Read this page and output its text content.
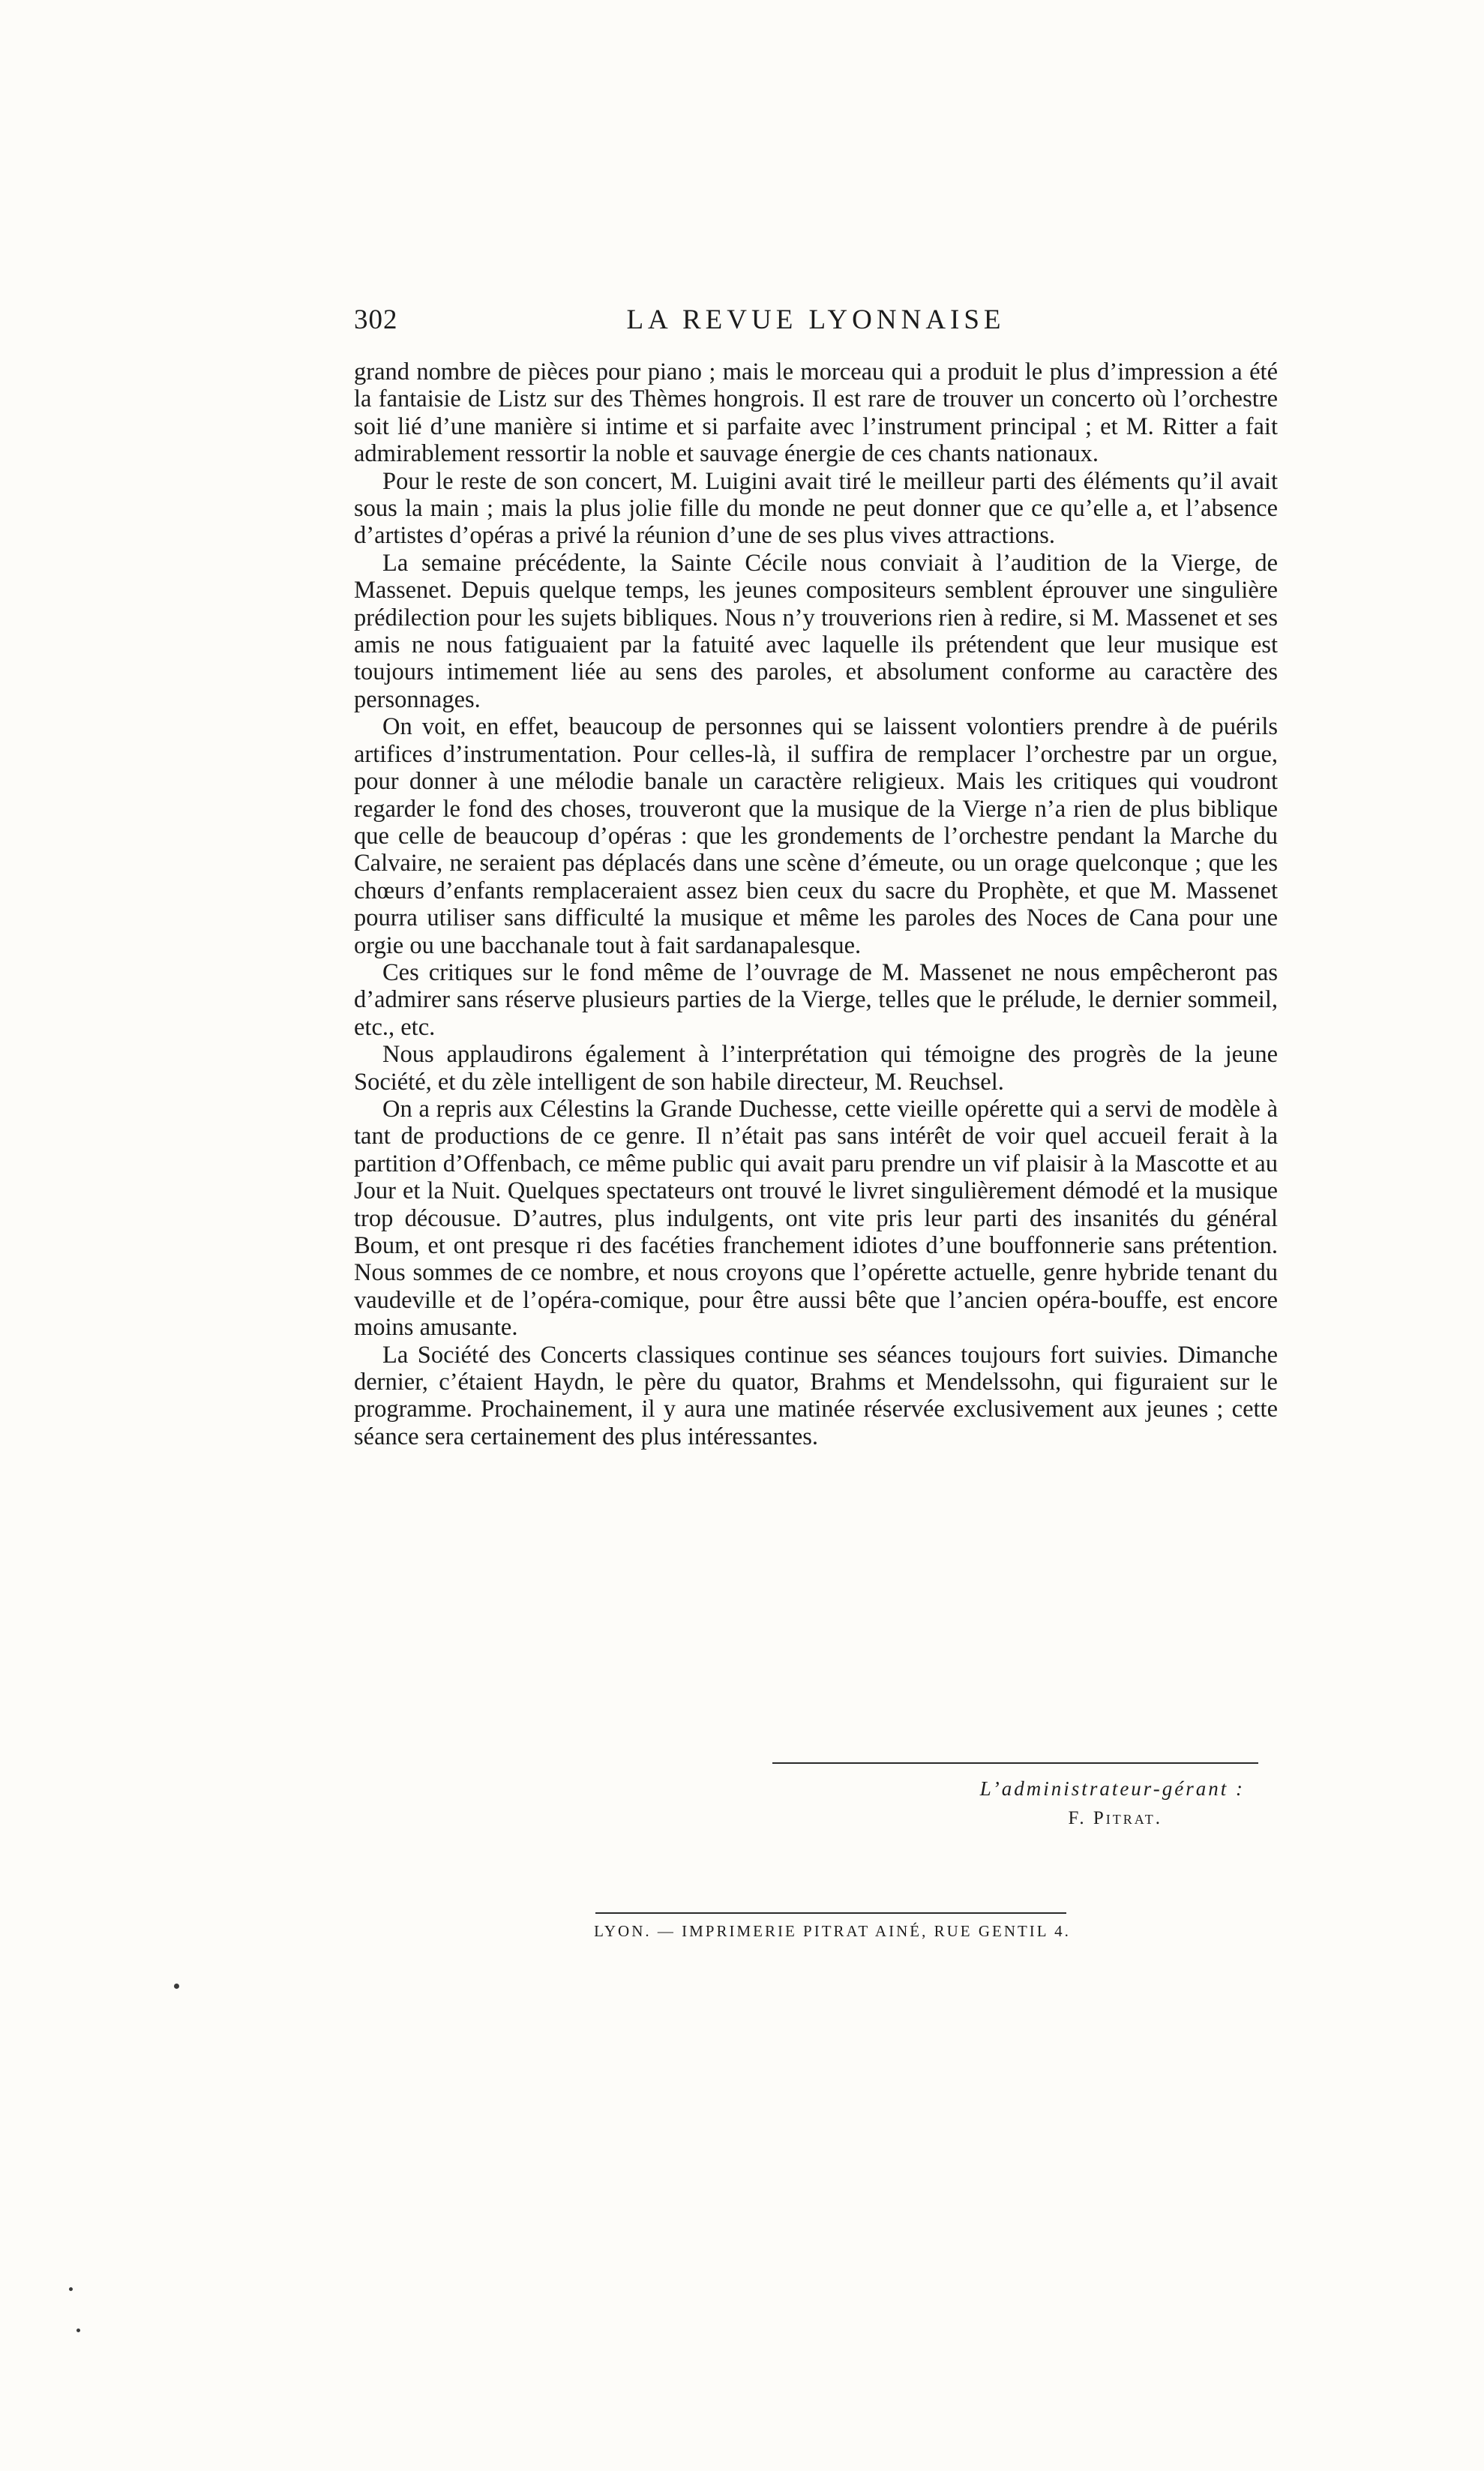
302	LA REVUE LYONNAISE

grand nombre de pièces pour piano ; mais le morceau qui a produit le plus d’impression a été la fantaisie de Listz sur des Thèmes hongrois. Il est rare de trouver un concerto où l’orchestre soit lié d’une manière si intime et si parfaite avec l’instrument principal ; et M. Ritter a fait admirablement ressortir la noble et sauvage énergie de ces chants nationaux.

Pour le reste de son concert, M. Luigini avait tiré le meilleur parti des éléments qu’il avait sous la main ; mais la plus jolie fille du monde ne peut donner que ce qu’elle a, et l’absence d’artistes d’opéras a privé la réunion d’une de ses plus vives attractions.

La semaine précédente, la Sainte Cécile nous conviait à l’audition de la Vierge, de Massenet. Depuis quelque temps, les jeunes compositeurs semblent éprouver une singulière prédilection pour les sujets bibliques. Nous n’y trouverions rien à redire, si M. Massenet et ses amis ne nous fatiguaient par la fatuité avec laquelle ils prétendent que leur musique est toujours intimement liée au sens des paroles, et absolument conforme au caractère des personnages.

On voit, en effet, beaucoup de personnes qui se laissent volontiers prendre à de puérils artifices d’instrumentation. Pour celles-là, il suffira de remplacer l’orchestre par un orgue, pour donner à une mélodie banale un caractère religieux. Mais les critiques qui voudront regarder le fond des choses, trouveront que la musique de la Vierge n’a rien de plus biblique que celle de beaucoup d’opéras : que les grondements de l’orchestre pendant la Marche du Calvaire, ne seraient pas déplacés dans une scène d’émeute, ou un orage quelconque ; que les chœurs d’enfants remplaceraient assez bien ceux du sacre du Prophète, et que M. Massenet pourra utiliser sans difficulté la musique et même les paroles des Noces de Cana pour une orgie ou une bacchanale tout à fait sardanapalesque.

Ces critiques sur le fond même de l’ouvrage de M. Massenet ne nous empêcheront pas d’admirer sans réserve plusieurs parties de la Vierge, telles que le prélude, le dernier sommeil, etc., etc.

Nous applaudirons également à l’interprétation qui témoigne des progrès de la jeune Société, et du zèle intelligent de son habile directeur, M. Reuchsel.

On a repris aux Célestins la Grande Duchesse, cette vieille opérette qui a servi de modèle à tant de productions de ce genre. Il n’était pas sans intérêt de voir quel accueil ferait à la partition d’Offenbach, ce même public qui avait paru prendre un vif plaisir à la Mascotte et au Jour et la Nuit. Quelques spectateurs ont trouvé le livret singulièrement démodé et la musique trop décousue. D’autres, plus indulgents, ont vite pris leur parti des insanités du général Boum, et ont presque ri des facéties franchement idiotes d’une bouffonnerie sans prétention. Nous sommes de ce nombre, et nous croyons que l’opérette actuelle, genre hybride tenant du vaudeville et de l’opéra-comique, pour être aussi bête que l’ancien opéra-bouffe, est encore moins amusante.

La Société des Concerts classiques continue ses séances toujours fort suivies. Dimanche dernier, c’étaient Haydn, le père du quator, Brahms et Mendelssohn, qui figuraient sur le programme. Prochainement, il y aura une matinée réservée exclusivement aux jeunes ; cette séance sera certainement des plus intéressantes.

L’administrateur-gérant :
F. Pitrat.
LYON. — IMPRIMERIE PITRAT AINÉ, RUE GENTIL 4.
